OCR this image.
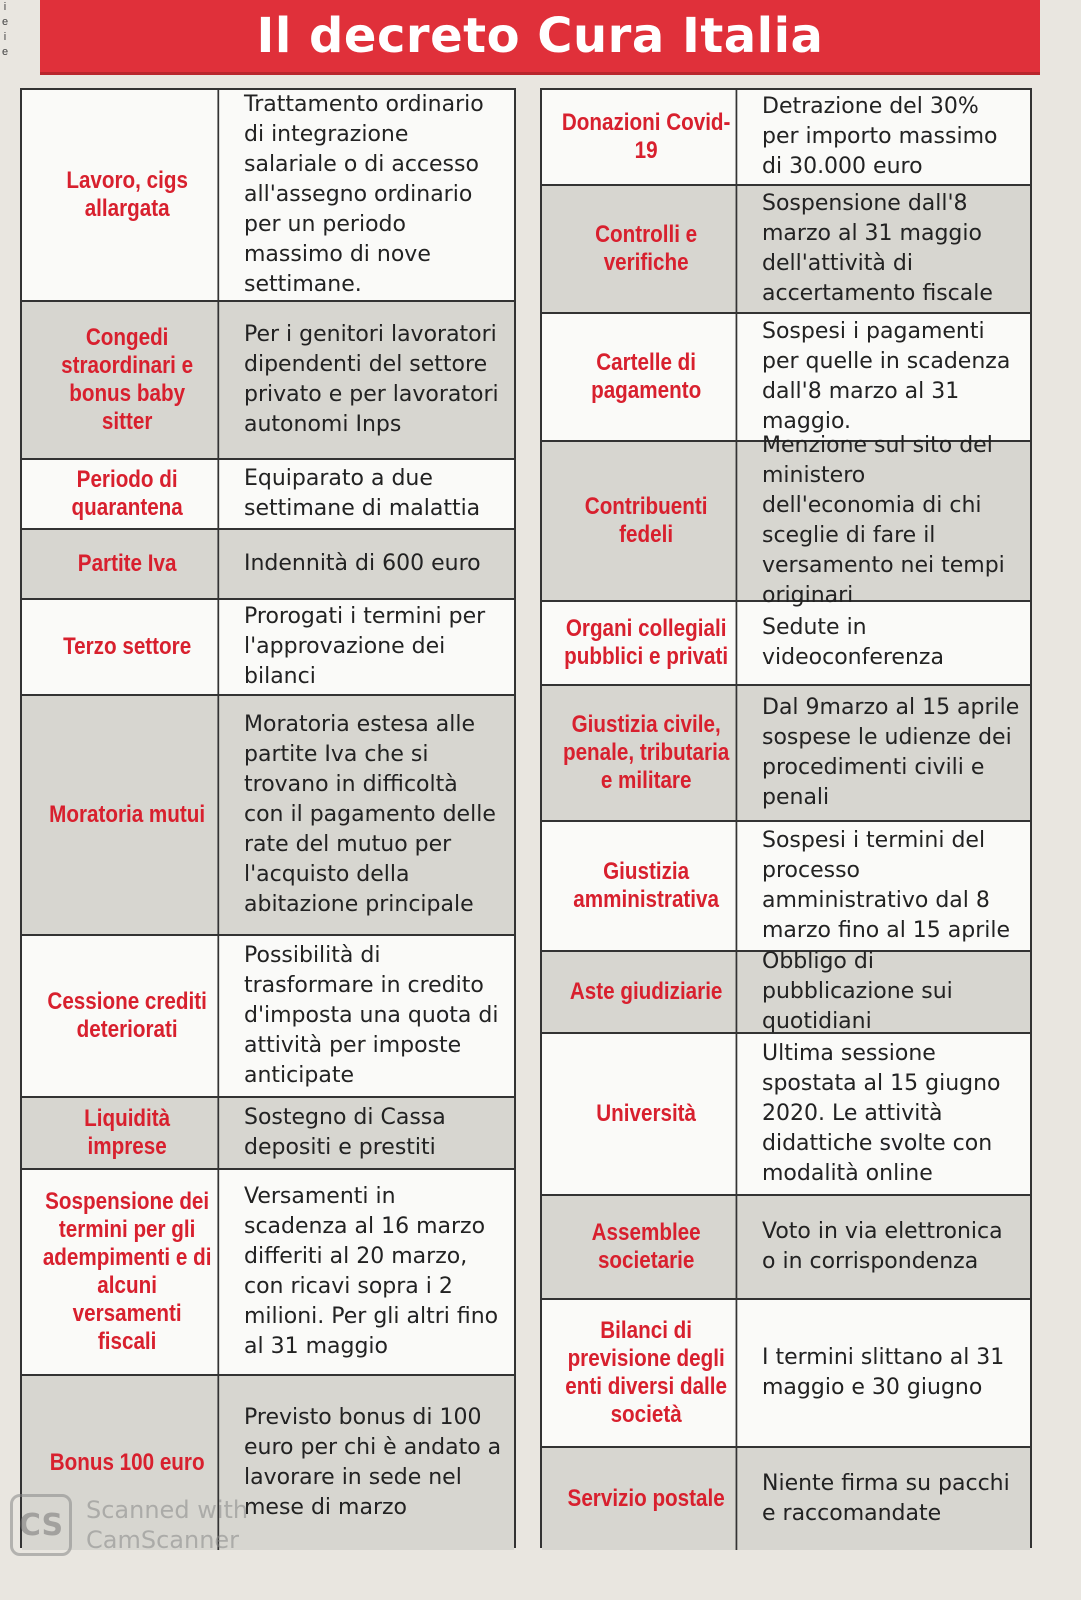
i
e
i
e	Il decreto Cura Italia
Lavoro, cigs allargata
Trattamento ordinario di integrazione salariale o di accesso all'assegno ordinario per un periodo massimo di nove settimane.
Congedi straordinari e bonus baby sitter
Per i genitori lavoratori dipendenti del settore privato e per lavoratori autonomi Inps
Periodo di quarantena
Equiparato a due settimane di malattia
Partite Iva	Indennità di 600 euro
Terzo settore
Prorogati i termini per l'approvazione dei bilanci
Moratoria mutui
Moratoria estesa alle partite Iva che si trovano in difficoltà con il pagamento delle rate del mutuo per l'acquisto della abitazione principale
Cessione crediti deteriorati
Possibilità di trasformare in credito d'imposta una quota di attività per imposte anticipate
Liquidità imprese
Sostegno di Cassa depositi e prestiti
Sospensione dei termini per gli adempimenti e di alcuni versamenti fiscali
Versamenti in scadenza al 16 marzo differiti al 20 marzo, con ricavi sopra i 2 milioni. Per gli altri fino al 31 maggio
Bonus 100 euro
Previsto bonus di 100 euro per chi è andato a lavorare in sede nel mese di marzo
Donazioni Covid-19
Detrazione del 30% per importo massimo di 30.000 euro
Controlli e verifiche
Sospensione dall'8 marzo al 31 maggio dell'attività di accertamento fiscale
Cartelle di pagamento
Sospesi i pagamenti per quelle in scadenza dall'8 marzo al 31 maggio.
Contribuenti fedeli
Menzione sul sito del ministero dell'economia di chi sceglie di fare il versamento nei tempi originari
Organi collegiali pubblici e privati
Sedute in videoconferenza
Giustizia civile, penale, tributaria e militare
Dal 9marzo al 15 aprile sospese le udienze dei procedimenti civili e penali
Giustizia amministrativa
Sospesi i termini del processo amministrativo dal 8 marzo fino al 15 aprile
Aste giudiziarie
Obbligo di pubblicazione sui quotidiani
Università
Ultima sessione spostata al 15 giugno 2020. Le attività didattiche svolte con modalità online
Assemblee societarie
Voto in via elettronica o in corrispondenza
Bilanci di previsione degli enti diversi dalle società
I termini slittano al 31 maggio e 30 giugno
Servizio postale
Niente firma su pacchi e raccomandate
CS Scanned with
CamScanner
